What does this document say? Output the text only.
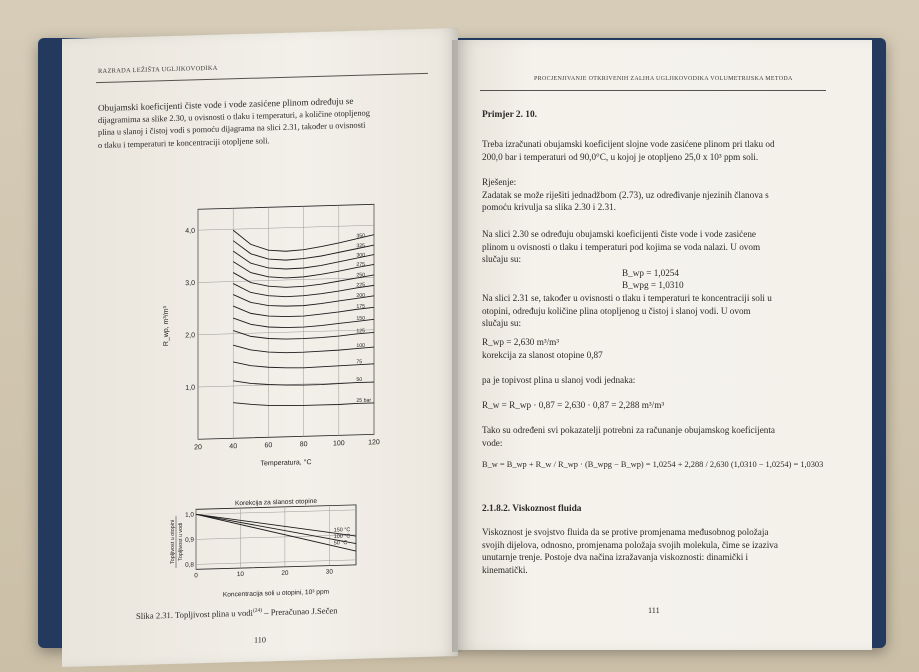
RAZRADA LEŽIŠTA UGLJIKOVODIKA
Obujamski koeficijenti čiste vode i vode zasićene plinom određuju se
dijagramima sa slike 2.30, u ovisnosti o tlaku i temperaturi, a količine otopljenog
plina u slanoj i čistoj vodi s pomoću dijagrama na slici 2.31, također u ovisnosti
o tlaku i temperaturi te koncentraciji otopljene soli.
350
325
300
275
250
225
200
175
150
125
100
75
50
25 bar
20	40	60	80	100	120
1,0
2,0
3,0
4,0
Temperatura, °C
R_wp, m³/m³
150 °C
100 °C
50 °C
0	10	20	30
0,8
0,9
1,0
Korekcija za slanost otopine
Koncentracija soli u otopini, 10³ ppm
Topljivost u otopini Topljivost u vodi
Slika 2.31. Topljivost plina u vodi$^{(24)}$ – Preračunao J.Sečen
110
PROCJENJIVANJE OTKRIVENIH ZALIHA UGLJIKOVODIKA VOLUMETRIJSKA METODA
Primjer 2. 10.
Treba izračunati obujamski koeficijent slojne vode zasićene plinom pri tlaku od
200,0 bar i temperaturi od 90,0°C, u kojoj je otopljeno 25,0 x 10³ ppm soli.
Rješenje:
Zadatak se može riješiti jednadžbom (2.73), uz određivanje njezinih članova s
pomoću krivulja sa slika 2.30 i 2.31.
Na slici 2.30 se određuju obujamski koeficijenti čiste vode i vode zasićene
plinom u ovisnosti o tlaku i temperaturi pod kojima se voda nalazi. U ovom
slučaju su:
B_wp = 1,0254
B_wpg = 1,0310
Na slici 2.31 se, također u ovisnosti o tlaku i temperaturi te koncentraciji soli u
otopini, određuju količine plina otopljenog u čistoj i slanoj vodi. U ovom
slučaju su:
R_wp = 2,630 m³/m³
korekcija za slanost otopine 0,87
pa je topivost plina u slanoj vodi jednaka:
R_w = R_wp · 0,87 = 2,630 · 0,87 = 2,288 m³/m³
Tako su određeni svi pokazatelji potrebni za računanje obujamskog koeficijenta
vode:
B_w = B_wp + R_w / R_wp · (B_wpg − B_wp) = 1,0254 + 2,288 / 2,630 (1,0310 − 1,0254) = 1,0303
2.1.8.2. Viskoznost fluida
Viskoznost je svojstvo fluida da se protive promjenama međusobnog položaja
svojih dijelova, odnosno, promjenama položaja svojih molekula, čime se izaziva
unutarnje trenje. Postoje dva načina izražavanja viskoznosti: dinamički i
kinematički.
111
